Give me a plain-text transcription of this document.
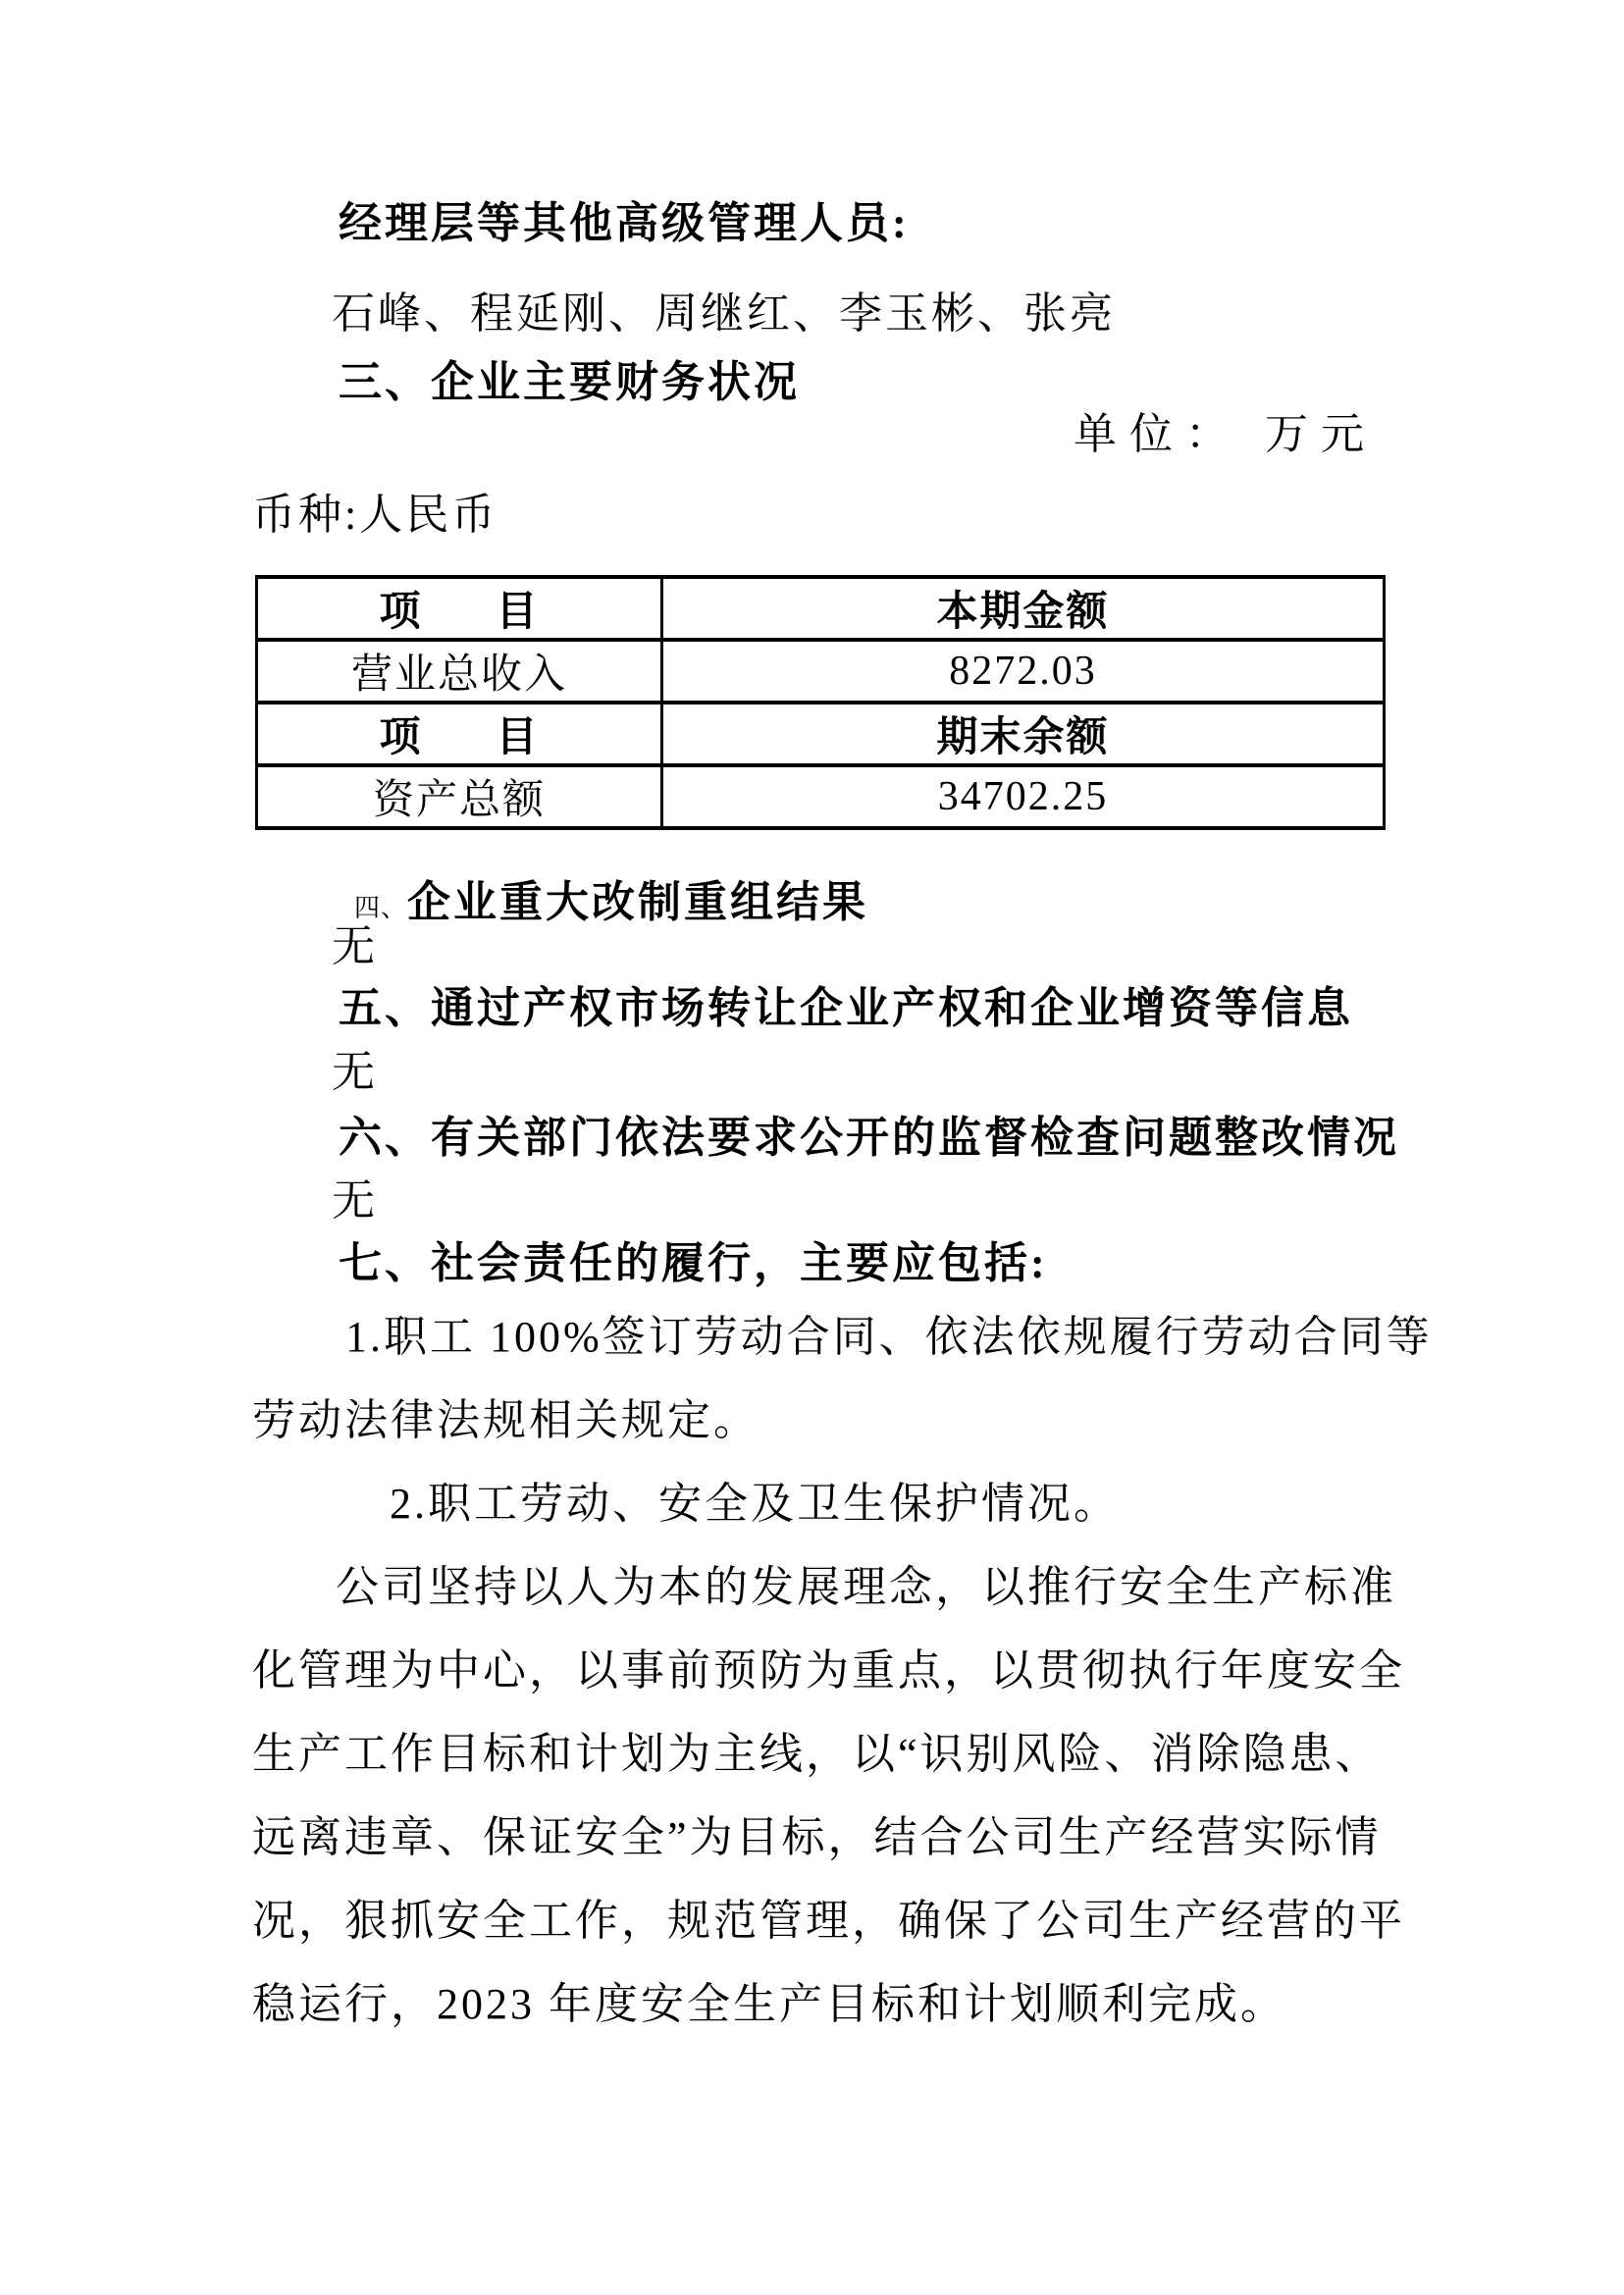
经理层等其他高级管理人员:
石峰、程延刚、周继红、李玉彬、张亮
三、企业主要财务状况
单位： 万元
币种:人民币
项      目	本期金额
营业总收入	8272.03
项      目	期末余额
资产总额	34702.25

四、企业重大改制重组结果

无
五、通过产权市场转让企业产权和企业增资等信息
无
六、有关部门依法要求公开的监督检查问题整改情况
无
七、社会责任的履行，主要应包括:
1.职工 100%签订劳动合同、依法依规履行劳动合同等
劳动法律法规相关规定。
2.职工劳动、安全及卫生保护情况。
公司坚持以人为本的发展理念，以推行安全生产标准
化管理为中心，以事前预防为重点，以贯彻执行年度安全
生产工作目标和计划为主线，以“识别风险、消除隐患、
远离违章、保证安全”为目标，结合公司生产经营实际情
况，狠抓安全工作，规范管理，确保了公司生产经营的平
稳运行，2023 年度安全生产目标和计划顺利完成。
